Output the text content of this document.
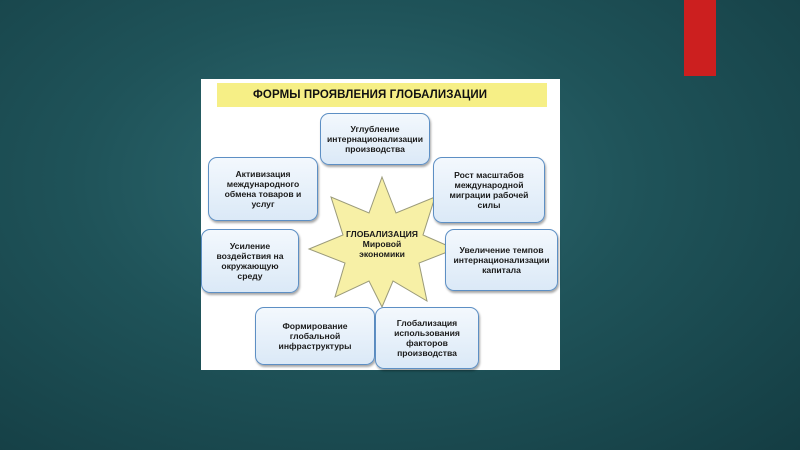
ФОРМЫ ПРОЯВЛЕНИЯ ГЛОБАЛИЗАЦИИ
ГЛОБАЛИЗАЦИЯ
Мировой
экономики
Углубление
интернационализации
производства
Активизация
международного
обмена товаров и
услуг
Рост масштабов
международной
миграции рабочей
силы
Усиление
воздействия на
окружающую
среду
Увеличение темпов
интернационализации
капитала
Формирование
глобальной
инфраструктуры
Глобализация
использования
факторов
производства
